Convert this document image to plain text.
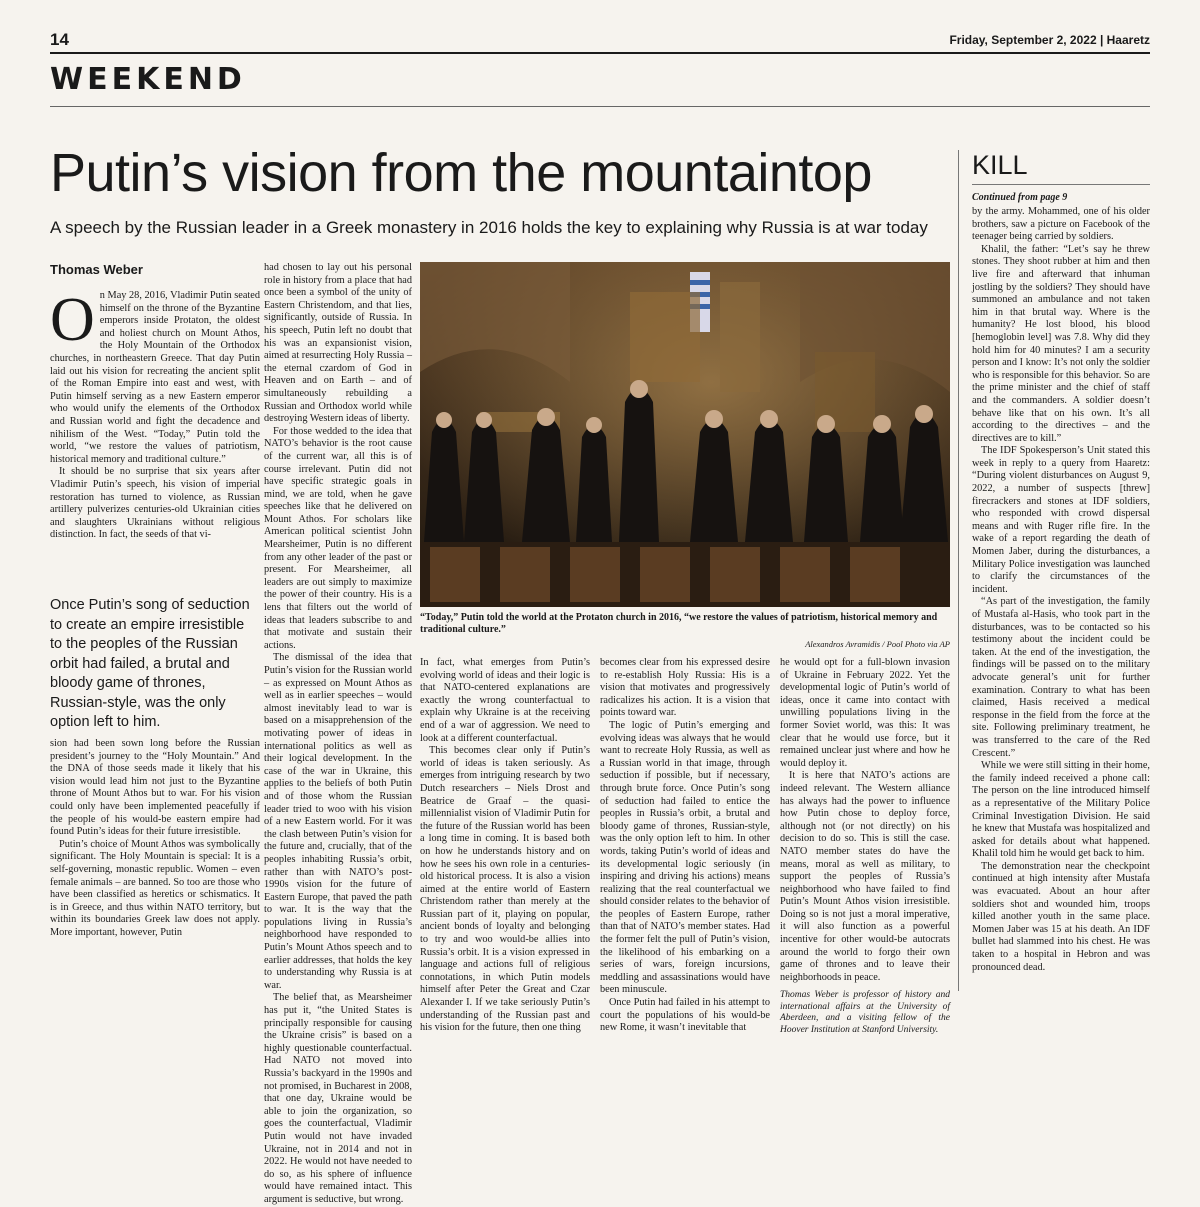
14	Friday, September 2, 2022 | Haaretz
WEEKEND
Putin’s vision from the mountaintop
A speech by the Russian leader in a Greek monastery in 2016 holds the key to explaining why Russia is at war today
KILL
Continued from page 9
Thomas Weber

On May 28, 2016, Vladimir Putin seated himself on the throne of the Byzantine emperors inside Protaton, the oldest and holiest church on Mount Athos, the Holy Mountain of the Orthodox churches, in northeastern Greece. That day Putin laid out his vision for recreating the ancient split of the Roman Empire into east and west, with Putin himself serving as a new Eastern emperor who would unify the elements of the Orthodox and Russian world and fight the decadence and nihilism of the West. “Today,” Putin told the world, “we restore the values of patriotism, historical memory and traditional culture.”

It should be no surprise that six years after Vladimir Putin’s speech, his vision of imperial restoration has turned to violence, as Russian artillery pulverizes centuries-old Ukrainian cities and slaughters Ukrainians without religious distinction. In fact, the seeds of that vi-

Once Putin’s song of seduction to create an empire irresistible to the peoples of the Russian orbit had failed, a brutal and bloody game of thrones, Russian-style, was the only option left to him.

sion had been sown long before the Russian president’s journey to the “Holy Mountain.” And the DNA of those seeds made it likely that his vision would lead him not just to the Byzantine throne of Mount Athos but to war. For his vision could only have been implemented peacefully if the people of his would-be eastern empire had found Putin’s ideas for their future irresistible.

Putin’s choice of Mount Athos was symbolically significant. The Holy Mountain is special: It is a self-governing, monastic republic. Women – even female animals – are banned. So too are those who have been classified as heretics or schismatics. It is in Greece, and thus within NATO territory, but within its boundaries Greek law does not apply. More important, however, Putin

had chosen to lay out his personal role in history from a place that had once been a symbol of the unity of Eastern Christendom, and that lies, significantly, outside of Russia. In his speech, Putin left no doubt that his was an expansionist vision, aimed at resurrecting Holy Russia – the eternal czardom of God in Heaven and on Earth – and of simultaneously rebuilding a Russian and Orthodox world while destroying Western ideas of liberty.

For those wedded to the idea that NATO’s behavior is the root cause of the current war, all this is of course irrelevant. Putin did not have specific strategic goals in mind, we are told, when he gave speeches like that he delivered on Mount Athos. For scholars like American political scientist John Mearsheimer, Putin is no different from any other leader of the past or present. For Mearsheimer, all leaders are out simply to maximize the power of their country. His is a lens that filters out the world of ideas that leaders subscribe to and that motivate and sustain their actions.

The dismissal of the idea that Putin’s vision for the Russian world – as expressed on Mount Athos as well as in earlier speeches – would almost inevitably lead to war is based on a misapprehension of the motivating power of ideas in international politics as well as their logical development. In the case of the war in Ukraine, this applies to the beliefs of both Putin and of those whom the Russian leader tried to woo with his vision of a new Eastern world. For it was the clash between Putin’s vision for the future and, crucially, that of the peoples inhabiting Russia’s orbit, rather than with NATO’s post-1990s vision for the future of Eastern Europe, that paved the path to war. It is the way that the populations living in Russia’s neighborhood have responded to Putin’s Mount Athos speech and to earlier addresses, that holds the key to understanding why Russia is at war.

The belief that, as Mearsheimer has put it, “the United States is principally responsible for causing the Ukraine crisis” is based on a highly questionable counterfactual. Had NATO not moved into Russia’s backyard in the 1990s and not promised, in Bucharest in 2008, that one day, Ukraine would be able to join the organization, so goes the counterfactual, Vladimir Putin would not have invaded Ukraine, not in 2014 and not in 2022. He would not have needed to do so, as his sphere of influence would have remained intact. This argument is seductive, but wrong.

“Today,” Putin told the world at the Protaton church in 2016, “we restore the values of patriotism, historical memory and traditional culture.”
Alexandros Avramidis / Pool Photo via AP

In fact, what emerges from Putin’s evolving world of ideas and their logic is that NATO-centered explanations are exactly the wrong counterfactual to explain why Ukraine is at the receiving end of a war of aggression. We need to look at a different counterfactual.

This becomes clear only if Putin’s world of ideas is taken seriously. As emerges from intriguing research by two Dutch researchers – Niels Drost and Beatrice de Graaf – the quasi-millennialist vision of Vladimir Putin for the future of the Russian world has been a long time in coming. It is based both on how he understands history and on how he sees his own role in a centuries-old historical process. It is also a vision aimed at the entire world of Eastern Christendom rather than merely at the Russian part of it, playing on popular, ancient bonds of loyalty and belonging to try and woo would-be allies into Russia’s orbit. It is a vision expressed in language and actions full of religious connotations, in which Putin models himself after Peter the Great and Czar Alexander I. If we take seriously Putin’s understanding of the Russian past and his vision for the future, then one thing

becomes clear from his expressed desire to re-establish Holy Russia: His is a vision that motivates and progressively radicalizes his action. It is a vision that points toward war.

The logic of Putin’s emerging and evolving ideas was always that he would want to recreate Holy Russia, as well as a Russian world in that image, through seduction if possible, but if necessary, through brute force. Once Putin’s song of seduction had failed to entice the peoples in Russia’s orbit, a brutal and bloody game of thrones, Russian-style, was the only option left to him. In other words, taking Putin’s world of ideas and its developmental logic seriously (in inspiring and driving his actions) means realizing that the real counterfactual we should consider relates to the behavior of the peoples of Eastern Europe, rather than that of NATO’s member states. Had the former felt the pull of Putin’s vision, the likelihood of his embarking on a series of wars, foreign incursions, meddling and assassinations would have been minuscule.

Once Putin had failed in his attempt to court the populations of his would-be new Rome, it wasn’t inevitable that

he would opt for a full-blown invasion of Ukraine in February 2022. Yet the developmental logic of Putin’s world of ideas, once it came into contact with unwilling populations living in the former Soviet world, was this: It was clear that he would use force, but it remained unclear just where and how he would deploy it.

It is here that NATO’s actions are indeed relevant. The Western alliance has always had the power to influence how Putin chose to deploy force, although not (or not directly) on his decision to do so. This is still the case. NATO member states do have the means, moral as well as military, to support the peoples of Russia’s neighborhood who have failed to find Putin’s Mount Athos vision irresistible. Doing so is not just a moral imperative, it will also function as a powerful incentive for other would-be autocrats around the world to forgo their own game of thrones and to leave their neighborhoods in peace.

Thomas Weber is professor of history and international affairs at the University of Aberdeen, and a visiting fellow of the Hoover Institution at Stanford University.

by the army. Mohammed, one of his older brothers, saw a picture on Facebook of the teenager being carried by soldiers.

Khalil, the father: “Let’s say he threw stones. They shoot rubber at him and then live fire and afterward that inhuman jostling by the soldiers? They should have summoned an ambulance and not taken him in that brutal way. Where is the humanity? He lost blood, his blood [hemoglobin level] was 7.8. Why did they hold him for 40 minutes? I am a security person and I know: It’s not only the soldier who is responsible for this behavior. So are the prime minister and the chief of staff and the commanders. A soldier doesn’t behave like that on his own. It’s all according to the directives – and the directives are to kill.”

The IDF Spokesperson’s Unit stated this week in reply to a query from Haaretz: “During violent disturbances on August 9, 2022, a number of suspects [threw] firecrackers and stones at IDF soldiers, who responded with crowd dispersal means and with Ruger rifle fire. In the wake of a report regarding the death of Momen Jaber, during the disturbances, a Military Police investigation was launched to clarify the circumstances of the incident.

“As part of the investigation, the family of Mustafa al-Hasis, who took part in the disturbances, was to be contacted so his testimony about the incident could be taken. At the end of the investigation, the findings will be passed on to the military advocate general’s unit for further examination. Contrary to what has been claimed, Hasis received a medical response in the field from the force at the site. Following preliminary treatment, he was transferred to the care of the Red Crescent.”

While we were still sitting in their home, the family indeed received a phone call: The person on the line introduced himself as a representative of the Military Police Criminal Investigation Division. He said he knew that Mustafa was hospitalized and asked for details about what happened. Khalil told him he would get back to him.

The demonstration near the checkpoint continued at high intensity after Mustafa was evacuated. About an hour after soldiers shot and wounded him, troops killed another youth in the same place. Momen Jaber was 15 at his death. An IDF bullet had slammed into his chest. He was taken to a hospital in Hebron and was pronounced dead.
